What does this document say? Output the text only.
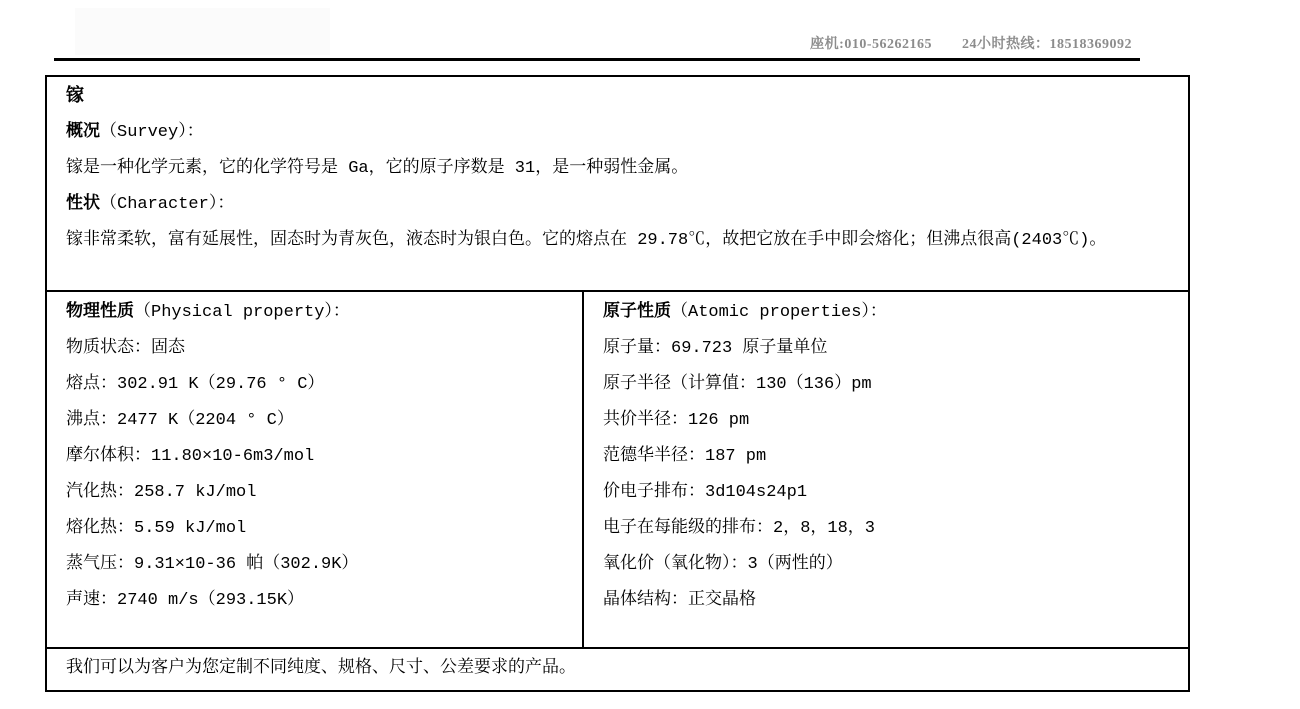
座机:010-56262165 24小时热线：18518369092
镓
概况（Survey）：
镓是一种化学元素，它的化学符号是 Ga，它的原子序数是 31，是一种弱性金属。
性状（Character）：
镓非常柔软，富有延展性，固态时为青灰色，液态时为银白色。它的熔点在 29.78℃，故把它放在手中即会熔化；但沸点很高(2403℃)。
物理性质（Physical property）：
物质状态：固态
熔点：302.91 K（29.76 ° C）
沸点：2477 K（2204 ° C）
摩尔体积：11.80×10-6m3/mol
汽化热：258.7 kJ/mol
熔化热：5.59 kJ/mol
蒸气压：9.31×10-36 帕（302.9K）
声速：2740 m/s（293.15K）
原子性质（Atomic properties）：
原子量：69.723 原子量单位
原子半径（计算值：130（136）pm
共价半径：126 pm
范德华半径：187 pm
价电子排布：3d104s24p1
电子在每能级的排布：2，8，18，3
氧化价（氧化物）：3（两性的）
晶体结构：正交晶格
我们可以为客户为您定制不同纯度、规格、尺寸、公差要求的产品。
